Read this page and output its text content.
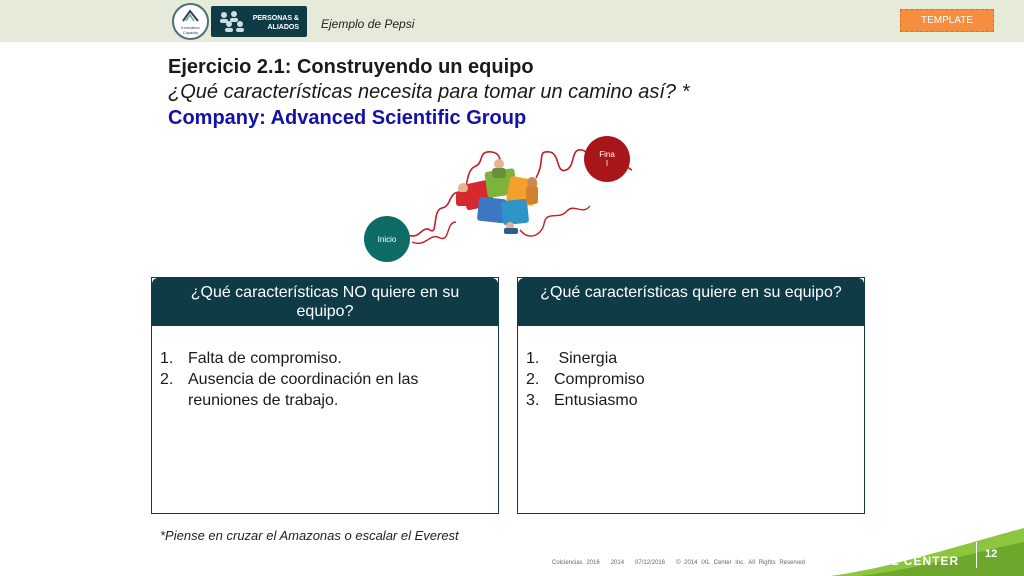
Innovation Capacity
PERSONAS &
ALIADOS Ejemplo de Pepsi	TEMPLATE
Ejercicio 2.1: Construyendo un equipo
¿Qué características necesita para tomar un camino así? *
Company: Advanced Scientific Group
Fina
l
Inicio
¿Qué características NO quiere en su equipo?
1. Falta de compromiso.
2. Ausencia de coordinación en las reuniones de trabajo.
¿Qué características quiere en su equipo?
1. Sinergia
2. Compromiso
3. Entusiasmo
*Piense en cruzar el Amazonas o escalar el Everest
Colciencias 2016   2014   07/12/2016   © 2014 IXL Center Inc. All Rights Reserved	IXL CENTER 12
